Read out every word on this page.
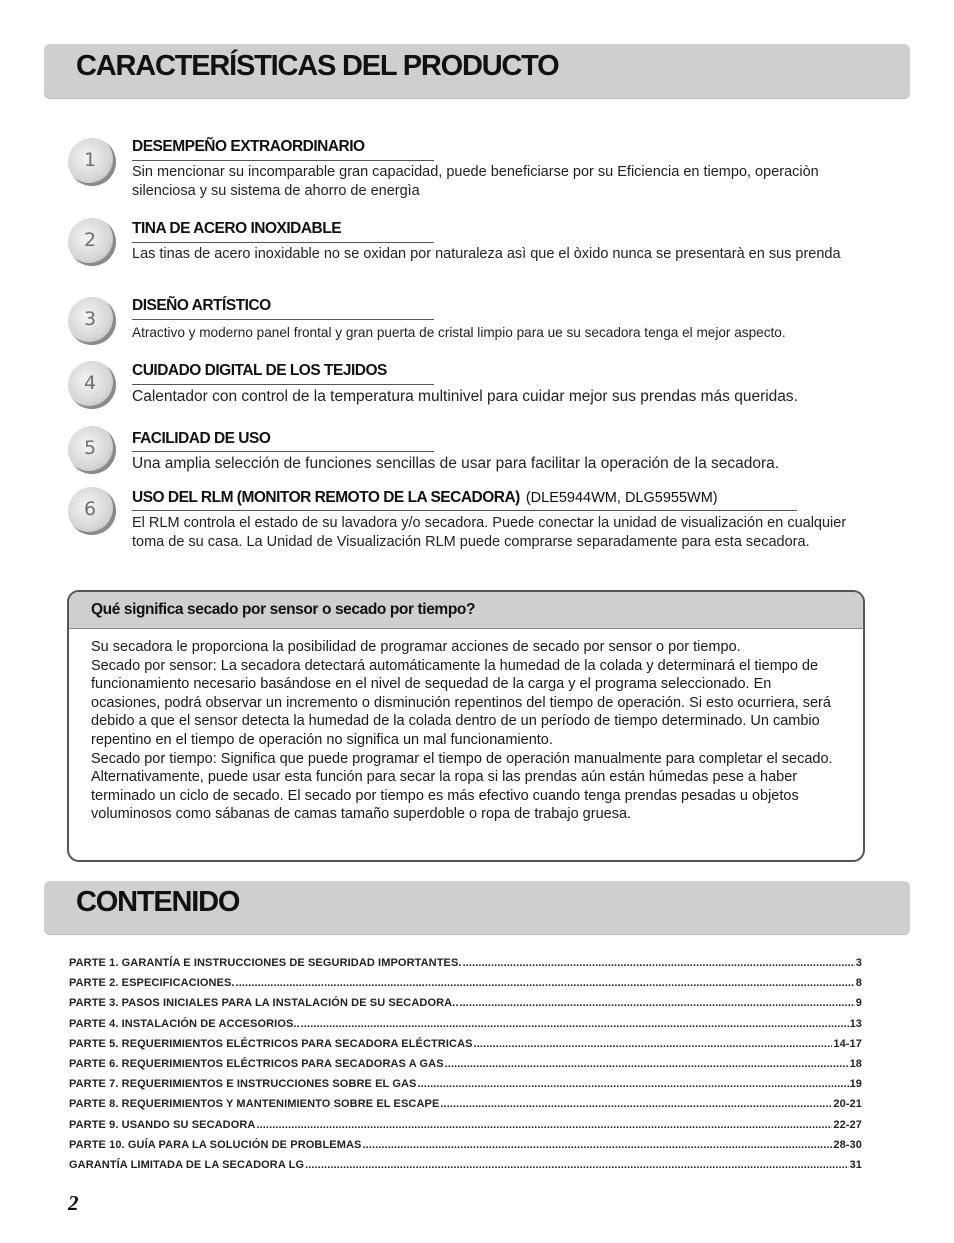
CARACTERÍSTICAS DEL PRODUCTO
1
DESEMPEÑO EXTRAORDINARIO
Sin mencionar su incomparable gran capacidad, puede beneficiarse por su Eficiencia en tiempo, operaciòn silenciosa y su sistema de ahorro de energìa
2
TINA DE ACERO INOXIDABLE
Las tinas de acero inoxidable no se oxidan por naturaleza asì que el òxido nunca se presentarà en sus prenda
3
DISEÑO ARTÍSTICO
Atractivo y moderno panel frontal y gran puerta de cristal limpio para ue su secadora tenga el mejor aspecto.
4
CUIDADO DIGITAL DE LOS TEJIDOS
Calentador con control de la temperatura multinivel para cuidar mejor sus prendas más queridas.
5	FACILIDAD DE USO
Una amplia selección de funciones sencillas de usar para facilitar la operación de la secadora.
6
USO DEL RLM (MONITOR REMOTO DE LA SECADORA) (DLE5944WM, DLG5955WM)
El RLM controla el estado de su lavadora y/o secadora. Puede conectar la unidad de visualización en cualquier toma de su casa. La Unidad de Visualización RLM puede comprarse separadamente para esta secadora.
Qué significa secado por sensor o secado por tiempo?

Su secadora le proporciona la posibilidad de programar acciones de secado por sensor o por tiempo.

Secado por sensor: La secadora detectará automáticamente la humedad de la colada y determinará el tiempo de funcionamiento necesario basándose en el nivel de sequedad de la carga y el programa seleccionado. En ocasiones, podrá observar un incremento o disminución repentinos del tiempo de operación. Si esto ocurriera, será debido a que el sensor detecta la humedad de la colada dentro de un período de tiempo determinado. Un cambio repentino en el tiempo de operación no significa un mal funcionamiento.

Secado por tiempo: Significa que puede programar el tiempo de operación manualmente para completar el secado. Alternativamente, puede usar esta función para secar la ropa si las prendas aún están húmedas pese a haber terminado un ciclo de secado. El secado por tiempo es más efectivo cuando tenga prendas pesadas u objetos voluminosos como sábanas de camas tamaño superdoble o ropa de trabajo gruesa.

CONTENIDO
PARTE 1. GARANTÍA E INSTRUCCIONES DE SEGURIDAD IMPORTANTES. .....	3
PARTE 2. ESPECIFICACIONES. .....	8
PARTE 3. PASOS INICIALES PARA LA INSTALACIÓN DE SU SECADORA.. .....	9
PARTE 4. INSTALACIÓN DE ACCESORIOS.. .....	13
PARTE 5. REQUERIMIENTOS ELÉCTRICOS PARA SECADORA ELÉCTRICAS .....	14-17
PARTE 6. REQUERIMIENTOS ELÉCTRICOS PARA SECADORAS A GAS .....	18
PARTE 7. REQUERIMIENTOS E INSTRUCCIONES SOBRE EL GAS .....	19
PARTE 8. REQUERIMIENTOS Y MANTENIMIENTO SOBRE EL ESCAPE .....	20-21
PARTE 9. USANDO SU SECADORA .....	22-27
PARTE 10. GUÍA PARA LA SOLUCIÓN DE PROBLEMAS .....	28-30
GARANTÍA LIMITADA DE LA SECADORA LG .....	31
2
